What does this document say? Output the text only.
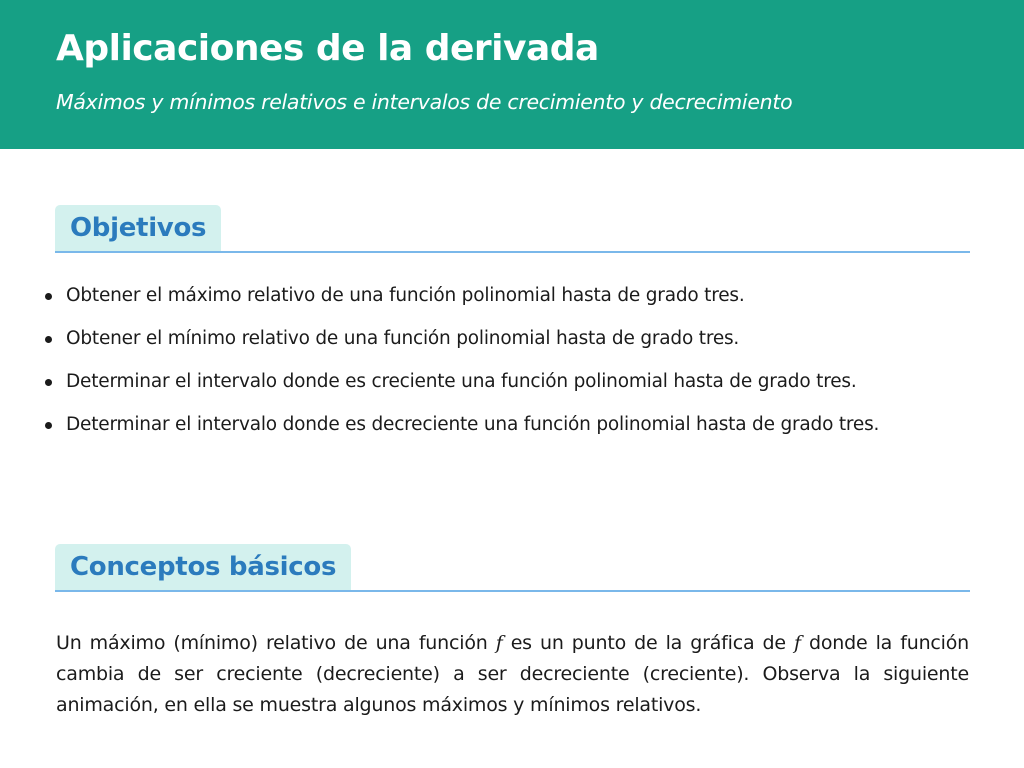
Aplicaciones de la derivada

Máximos y mínimos relativos e intervalos de crecimiento y decrecimiento

Objetivos
Obtener el máximo relativo de una función polinomial hasta de grado tres.
Obtener el mínimo relativo de una función polinomial hasta de grado tres.
Determinar el intervalo donde es creciente una función polinomial hasta de grado tres.
Determinar el intervalo donde es decreciente una función polinomial hasta de grado tres.
Conceptos básicos

Un máximo (mínimo) relativo de una función f es un punto de la gráfica de f donde la función cambia de ser creciente (decreciente) a ser decreciente (creciente). Observa la siguiente animación, en ella se muestra algunos máximos y mínimos relativos.
